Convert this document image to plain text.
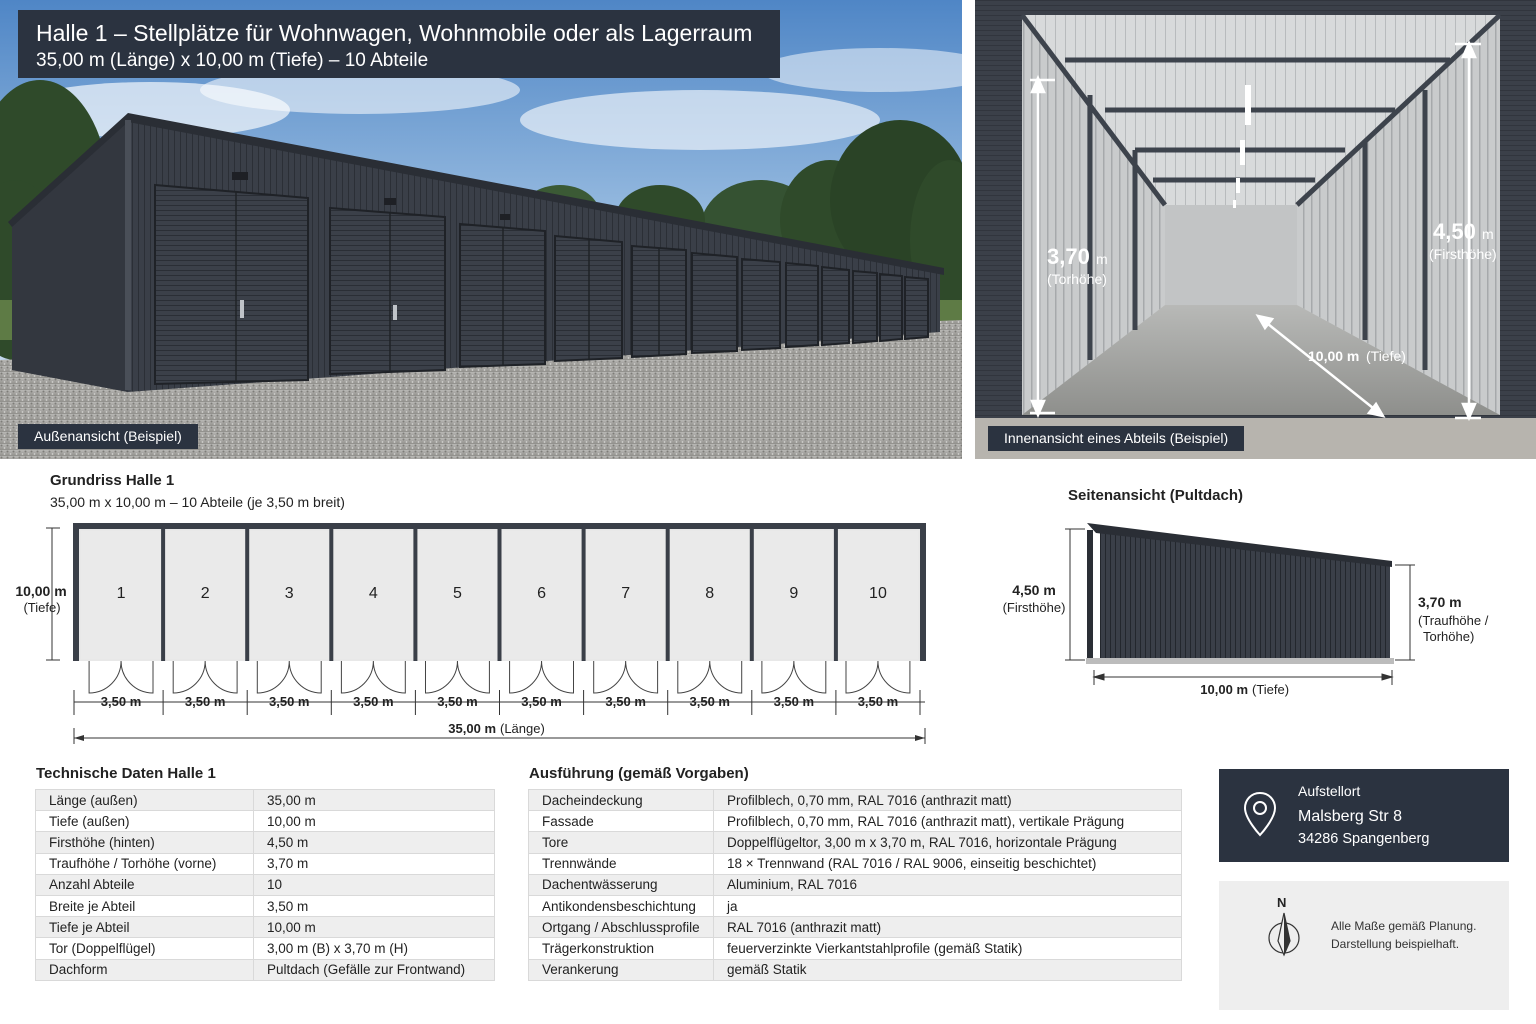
Halle 1 – Stellplätze für Wohnwagen, Wohnmobile oder als Lagerraum
35,00 m (Länge) x 10,00 m (Tiefe) – 10 Abteile
Außenansicht (Beispiel)
3,70 m
(Torhöhe)
4,50 m
(Firsthöhe)
10,00 m (Tiefe)
Innenansicht eines Abteils (Beispiel)
Grundriss Halle 1
35,00 m x 10,00 m – 10 Abteile (je 3,50 m breit)
1
3,50 m
2
3,50 m
3
3,50 m
4
3,50 m
5
3,50 m
6
3,50 m
7
3,50 m
8
3,50 m
9
3,50 m
10
3,50 m
10,00 m
(Tiefe)
35,00 m (Länge)
Seitenansicht (Pultdach)
4,50 m
(Firsthöhe)	3,70 m
(Traufhöhe /
Torhöhe)
10,00 m (Tiefe)
Technische Daten Halle 1
Länge (außen)	35,00 m
Tiefe (außen)	10,00 m
Firsthöhe (hinten)	4,50 m
Traufhöhe / Torhöhe (vorne)	3,70 m
Anzahl Abteile	10
Breite je Abteil	3,50 m
Tiefe je Abteil	10,00 m
Tor (Doppelflügel)	3,00 m (B) x 3,70 m (H)
Dachform	Pultdach (Gefälle zur Frontwand)
Ausführung (gemäß Vorgaben)
Dacheindeckung	Profilblech, 0,70 mm, RAL 7016 (anthrazit matt)
Fassade	Profilblech, 0,70 mm, RAL 7016 (anthrazit matt), vertikale Prägung
Tore	Doppelflügeltor, 3,00 m x 3,70 m, RAL 7016, horizontale Prägung
Trennwände	18 × Trennwand (RAL 7016 / RAL 9006, einseitig beschichtet)
Dachentwässerung	Aluminium, RAL 7016
Antikondensbeschichtung	ja
Ortgang / Abschlussprofile	RAL 7016 (anthrazit matt)
Trägerkonstruktion	feuerverzinkte Vierkantstahlprofile (gemäß Statik)
Verankerung	gemäß Statik
Aufstellort
Malsberg Str 8
34286 Spangenberg
N
Alle Maße gemäß Planung.
Darstellung beispielhaft.
